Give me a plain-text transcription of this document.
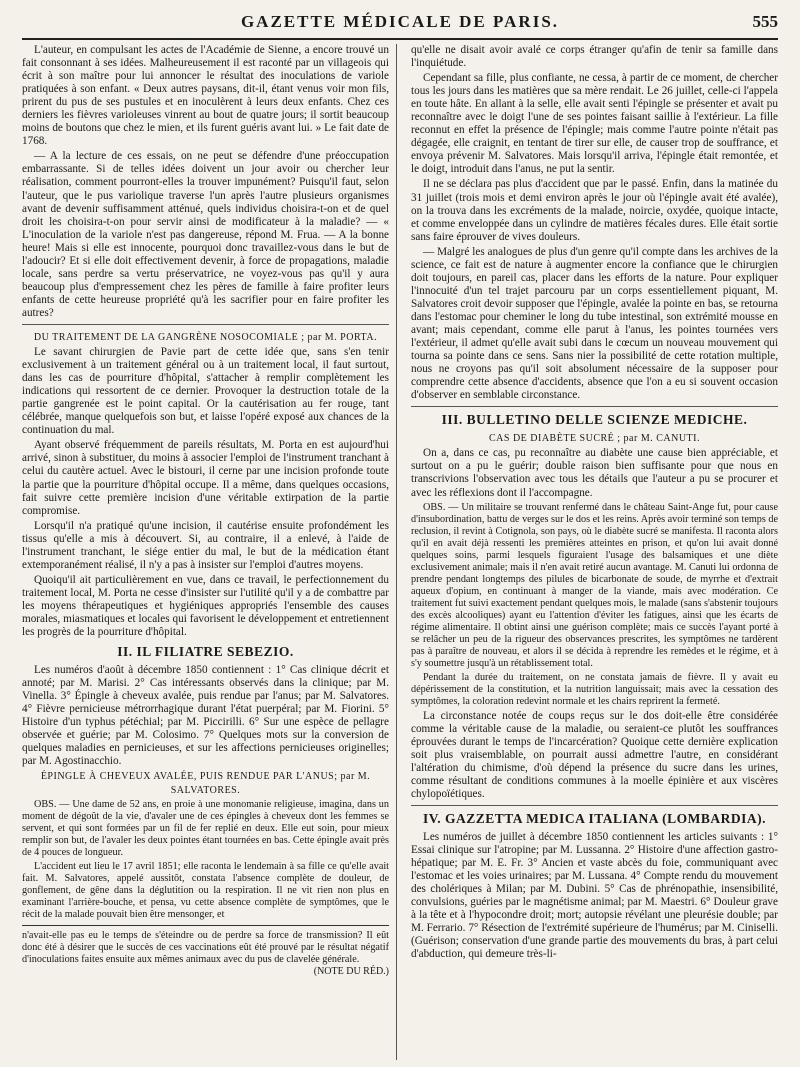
GAZETTE MÉDICALE DE PARIS.	555

L'auteur, en compulsant les actes de l'Académie de Sienne, a encore trouvé un fait consonnant à ses idées. Malheureusement il est raconté par un villageois qui écrit à son maître pour lui annoncer le résultat des inoculations de variole pratiquées à son enfant. « Deux autres paysans, dit-il, étant venus voir mon fils, prirent du pus de ses pustules et en inoculèrent à leurs deux enfants. Chez ces derniers les fièvres varioleuses vinrent au bout de quatre jours; il sortit beaucoup moins de boutons que chez le mien, et ils furent guéris avant lui. » Le fait date de 1768.

— A la lecture de ces essais, on ne peut se défendre d'une préoccupation embarrassante. Si de telles idées doivent un jour avoir ou chercher leur réalisation, comment pourront-elles la trouver impunément? Puisqu'il faut, selon l'auteur, que le pus variolique traverse l'un après l'autre plusieurs organismes avant de devenir suffisamment atténué, quels individus choisira-t-on et de quel droit les choisira-t-on pour servir ainsi de modificateur à la maladie? — « L'inoculation de la variole n'est pas dangereuse, répond M. Frua. — A la bonne heure! Mais si elle est innocente, pourquoi donc travaillez-vous dans le but de l'adoucir? Et si elle doit effectivement devenir, à force de propagations, maladie locale, sans perdre sa vertu préservatrice, ne voyez-vous pas qu'il y aura beaucoup plus d'empressement chez les pères de famille à faire profiter leurs enfants de cette heureuse propriété qu'à les sacrifier pour en faire profiter les autres?

DU TRAITEMENT DE LA GANGRÈNE NOSOCOMIALE ; par M. PORTA.

Le savant chirurgien de Pavie part de cette idée que, sans s'en tenir exclusivement à un traitement général ou à un traitement local, il faut surtout, dans les cas de pourriture d'hôpital, s'attacher à remplir complètement les indications qui ressortent de ce dernier. Provoquer la destruction totale de la partie gangrenée est le point capital. Or la cautérisation au fer rouge, tant célébrée, manque quelquefois son but, et laisse l'opéré exposé aux chances de la continuation du mal.

Ayant observé fréquemment de pareils résultats, M. Porta en est aujourd'hui arrivé, sinon à substituer, du moins à associer l'emploi de l'instrument tranchant à celui du cautère actuel. Avec le bistouri, il cerne par une incision profonde toute la partie que la pourriture d'hôpital occupe. Il a même, dans quelques occasions, fait suivre cette première incision d'une véritable extirpation de la partie compromise.

Lorsqu'il n'a pratiqué qu'une incision, il cautérise ensuite profondément les tissus qu'elle a mis à découvert. Si, au contraire, il a enlevé, à l'aide de l'instrument tranchant, le siége entier du mal, le but de la médication étant extemporanément réalisé, il n'y a pas à insister sur l'emploi d'autres moyens.

Quoiqu'il ait particulièrement en vue, dans ce travail, le perfectionnement du traitement local, M. Porta ne cesse d'insister sur l'utilité qu'il y a de combattre par les moyens thérapeutiques et hygiéniques appropriés l'ensemble des causes morales, miasmatiques et locales qui favorisent le développement et entretiennent les progrès de la pourriture d'hôpital.

II. IL FILIATRE SEBEZIO.

Les numéros d'août à décembre 1850 contiennent : 1° Cas clinique décrit et annoté; par M. Marisi. 2° Cas intéressants observés dans la clinique; par M. Vinella. 3° Épingle à cheveux avalée, puis rendue par l'anus; par M. Salvatores. 4° Fièvre pernicieuse métrorrhagique durant l'état puerpéral; par M. Fiorini. 5° Histoire d'un typhus pétéchial; par M. Piccirilli. 6° Sur une espèce de pellagre observée et guérie; par M. Colosimo. 7° Quelques mots sur la conversion de quelques maladies en pernicieuses, et sur les affections pernicieuses originelles; par M. Agostinacchio.

ÉPINGLE À CHEVEUX AVALÉE, PUIS RENDUE PAR L'ANUS; par M. SALVATORES.

OBS. — Une dame de 52 ans, en proie à une monomanie religieuse, imagina, dans un moment de dégoût de la vie, d'avaler une de ces épingles à cheveux dont les femmes se servent, et qui sont formées par un fil de fer replié en deux. Elle eut soin, pour mieux remplir son but, de l'avaler les deux pointes étant tournées en bas. Cette épingle avait près de 4 pouces de longueur.

L'accident eut lieu le 17 avril 1851; elle raconta le lendemain à sa fille ce qu'elle avait fait. M. Salvatores, appelé aussitôt, constata l'absence complète de douleur, de gonflement, de gêne dans la déglutition ou la respiration. Il ne vit rien non plus en examinant l'arrière-bouche, et pensa, vu cette absence complète de symptômes, que le récit de la malade pouvait bien être mensonger, et

n'avait-elle pas eu le temps de s'éteindre ou de perdre sa force de transmission? Il eût donc été à désirer que le succès de ces vaccinations eût été prouvé par le résultat négatif d'inoculations faites ensuite aux mêmes animaux avec du pus de clavelée générale.
(NOTE DU RÉD.)

qu'elle ne disait avoir avalé ce corps étranger qu'afin de tenir sa famille dans l'inquiétude.

Cependant sa fille, plus confiante, ne cessa, à partir de ce moment, de chercher tous les jours dans les matières que sa mère rendait. Le 26 juillet, celle-ci l'appela en toute hâte. En allant à la selle, elle avait senti l'épingle se présenter et avait pu reconnaître avec le doigt l'une de ses pointes faisant saillie à l'extérieur. La fille reconnut en effet la présence de l'épingle; mais comme l'autre pointe n'était pas dégagée, elle craignit, en tentant de tirer sur elle, de causer trop de souffrance, et envoya prévenir M. Salvatores. Mais lorsqu'il arriva, l'épingle était remontée, et le doigt, introduit dans l'anus, ne put la sentir.

Il ne se déclara pas plus d'accident que par le passé. Enfin, dans la matinée du 31 juillet (trois mois et demi environ après le jour où l'épingle avait été avalée), on la trouva dans les excréments de la malade, noircie, oxydée, quoique intacte, et comme enveloppée dans un cylindre de matières fécales dures. Elle était sortie sans faire éprouver de vives douleurs.

— Malgré les analogues de plus d'un genre qu'il compte dans les archives de la science, ce fait est de nature à augmenter encore la confiance que le chirurgien doit toujours, en pareil cas, placer dans les efforts de la nature. Pour expliquer l'innocuité d'un tel trajet parcouru par un corps essentiellement piquant, M. Salvatores croit devoir supposer que l'épingle, avalée la pointe en bas, se retourna dans l'estomac pour cheminer le long du tube intestinal, son extrémité mousse en avant; mais cependant, comme elle parut à l'anus, les pointes tournées vers l'extérieur, il admet qu'elle avait subi dans le cœcum un nouveau mouvement qui tourna sa pointe dans ce sens. Sans nier la possibilité de cette rotation multiple, nous ne croyons pas qu'il soit absolument nécessaire de la supposer pour comprendre cette absence d'accidents, absence que l'on a eu si souvent occasion d'observer en semblable circonstance.

III. BULLETINO DELLE SCIENZE MEDICHE.

CAS DE DIABÈTE SUCRÉ ; par M. CANUTI.

On a, dans ce cas, pu reconnaître au diabète une cause bien appréciable, et surtout on a pu le guérir; double raison bien suffisante pour que nous en transcrivions l'observation avec tous les détails que l'auteur a pu se procurer et avec les réflexions dont il l'accompagne.

OBS. — Un militaire se trouvant renfermé dans le château Saint-Ange fut, pour cause d'insubordination, battu de verges sur le dos et les reins. Après avoir terminé son temps de reclusion, il revint à Cotignola, son pays, où le diabète sucré se manifesta. Il raconta alors qu'il en avait déjà ressenti les premières atteintes en prison, et qu'on lui avait donné quelques soins, parmi lesquels figuraient l'usage des balsamiques et une diète exclusivement animale; mais il n'en avait retiré aucun avantage. M. Canuti lui ordonna de prendre pendant longtemps des pilules de bicarbonate de soude, de myrrhe et d'extrait aqueux d'opium, en continuant à manger de la viande, mais avec modération. Ce traitement fut suivi exactement pendant quelques mois, le malade (sans s'abstenir toujours des excès alcooliques) ayant eu l'attention d'éviter les fatigues, ainsi que les écarts de régime alimentaire. Il obtint ainsi une guérison complète; mais ce succès l'ayant porté à se relâcher un peu de la rigueur des observances prescrites, les symptômes ne tardèrent pas à paraître de nouveau, et alors il se décida à reprendre les remèdes et le régime, et à s'y soumettre jusqu'à un rétablissement total.

Pendant la durée du traitement, on ne constata jamais de fièvre. Il y avait eu dépérissement de la constitution, et la nutrition languissait; mais avec la cessation des symptômes, la coloration redevint normale et les chairs reprirent la fermeté.

La circonstance notée de coups reçus sur le dos doit-elle être considérée comme la véritable cause de la maladie, ou seraient-ce plutôt les souffrances éprouvées durant le temps de l'incarcération? Quoique cette dernière explication soit plus vraisemblable, on pourrait aussi admettre l'autre, en considérant l'altération du chimisme, d'où dépend la présence du sucre dans les urines, comme résultant de conditions communes à la moelle épinière et aux viscères chylopoïétiques.

IV. GAZZETTA MEDICA ITALIANA (LOMBARDIA).

Les numéros de juillet à décembre 1850 contiennent les articles suivants : 1° Essai clinique sur l'atropine; par M. Lussanna. 2° Histoire d'une affection gastro-hépatique; par M. E. Fr. 3° Ancien et vaste abcès du foie, communiquant avec l'estomac et les voies urinaires; par M. Lussana. 4° Compte rendu du mouvement des cholériques à Milan; par M. Dubini. 5° Cas de phrénopathie, insensibilité, convulsions, guéries par le magnétisme animal; par M. Maestri. 6° Douleur grave à la tête et à l'hypocondre droit; mort; autopsie révélant une pleurésie double; par M. Ferrario. 7° Résection de l'extrémité supérieure de l'humérus; par M. Ciniselli. (Guérison; conservation d'une grande partie des mouvements du bras, à part celui d'abduction, qui demeure très-li-
